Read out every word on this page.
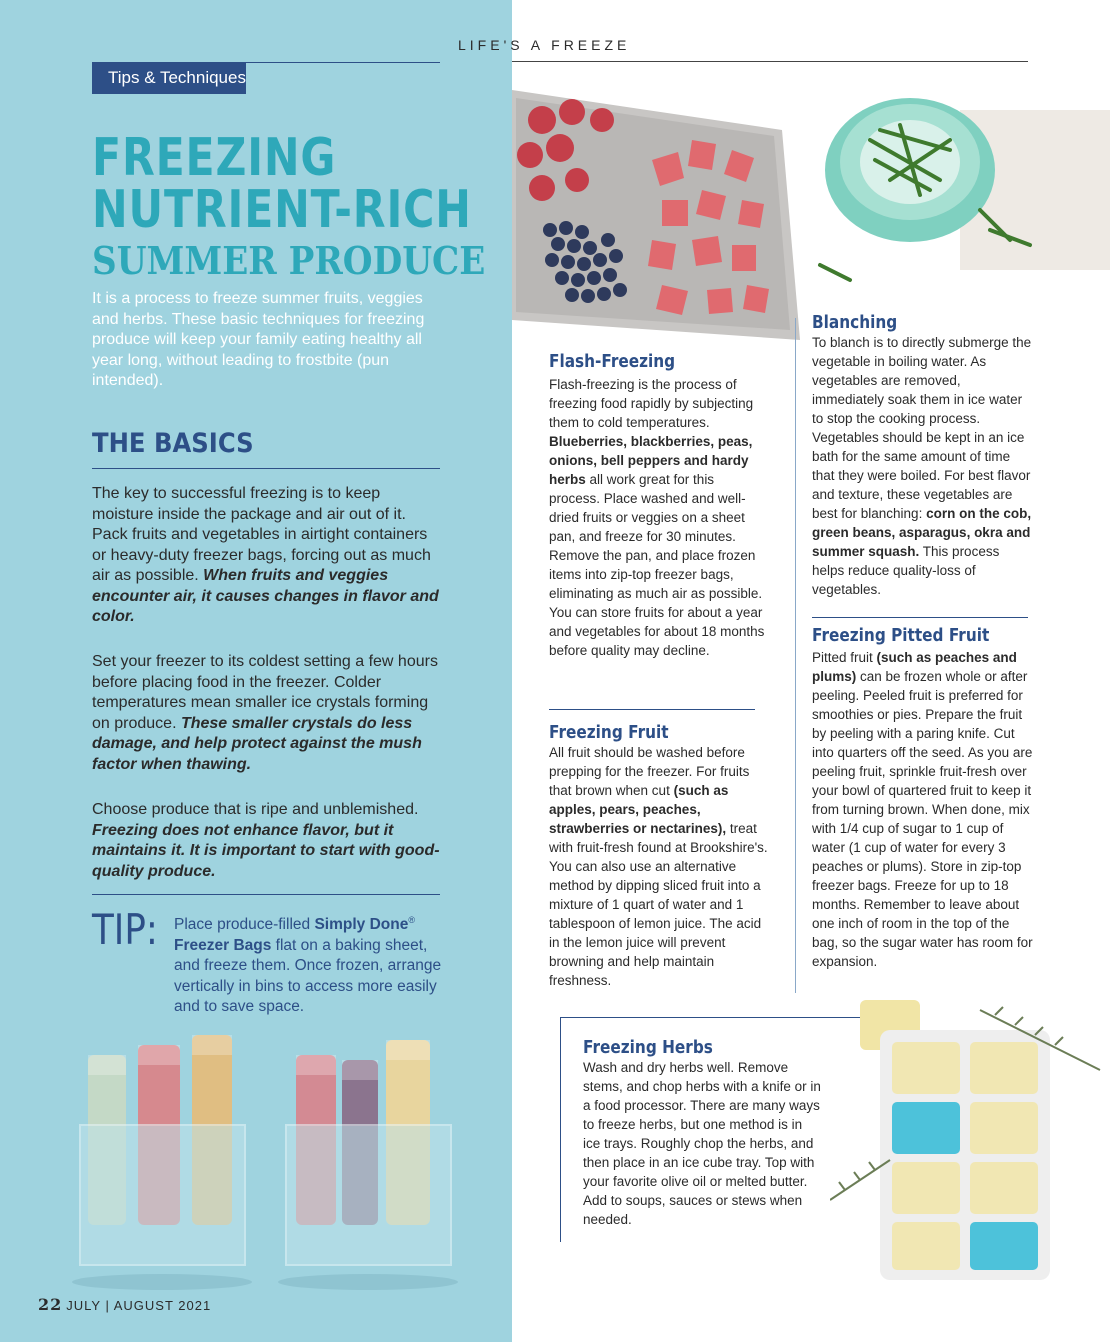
Tips & Techniques
FREEZING
NUTRIENT-RICH
SUMMER PRODUCE
It is a process to freeze summer fruits, veggies and herbs. These basic techniques for freezing produce will keep your family eating healthy all year long, without leading to frostbite (pun intended).
THE BASICS
The key to successful freezing is to keep moisture inside the package and air out of it. Pack fruits and vegetables in airtight containers or heavy-duty freezer bags, forcing out as much air as possible. When fruits and veggies encounter air, it causes changes in flavor and color.
Set your freezer to its coldest setting a few hours before placing food in the freezer. Colder temperatures mean smaller ice crystals forming on produce. These smaller crystals do less damage, and help protect against the mush factor when thawing.
Choose produce that is ripe and unblemished. Freezing does not enhance flavor, but it maintains it. It is important to start with good-quality produce.
TIP: Place produce-filled Simply Done® Freezer Bags flat on a baking sheet, and freeze them. Once frozen, arrange vertically in bins to access more easily and to save space.
22 JULY | AUGUST 2021
LIFE'S A FREEZE
Flash-Freezing
Flash-freezing is the process of freezing food rapidly by subjecting them to cold temperatures. Blueberries, blackberries, peas, onions, bell peppers and hardy herbs all work great for this process. Place washed and well-dried fruits or veggies on a sheet pan, and freeze for 30 minutes. Remove the pan, and place frozen items into zip-top freezer bags, eliminating as much air as possible. You can store fruits for about a year and vegetables for about 18 months before quality may decline.
Freezing Fruit
All fruit should be washed before prepping for the freezer. For fruits that brown when cut (such as apples, pears, peaches, strawberries or nectarines), treat with fruit-fresh found at Brookshire's. You can also use an alternative method by dipping sliced fruit into a mixture of 1 quart of water and 1 tablespoon of lemon juice. The acid in the lemon juice will prevent browning and help maintain freshness.
Blanching
To blanch is to directly submerge the vegetable in boiling water. As vegetables are removed, immediately soak them in ice water to stop the cooking process. Vegetables should be kept in an ice bath for the same amount of time that they were boiled. For best flavor and texture, these vegetables are best for blanching: corn on the cob, green beans, asparagus, okra and summer squash. This process helps reduce quality-loss of vegetables.
Freezing Pitted Fruit
Pitted fruit (such as peaches and plums) can be frozen whole or after peeling. Peeled fruit is preferred for smoothies or pies. Prepare the fruit by peeling with a paring knife. Cut into quarters off the seed. As you are peeling fruit, sprinkle fruit-fresh over your bowl of quartered fruit to keep it from turning brown. When done, mix with 1/4 cup of sugar to 1 cup of water (1 cup of water for every 3 peaches or plums). Store in zip-top freezer bags. Freeze for up to 18 months. Remember to leave about one inch of room in the top of the bag, so the sugar water has room for expansion.
Freezing Herbs
Wash and dry herbs well. Remove stems, and chop herbs with a knife or in a food processor. There are many ways to freeze herbs, but one method is in ice trays. Roughly chop the herbs, and then place in an ice cube tray. Top with your favorite olive oil or melted butter. Add to soups, sauces or stews when needed.
